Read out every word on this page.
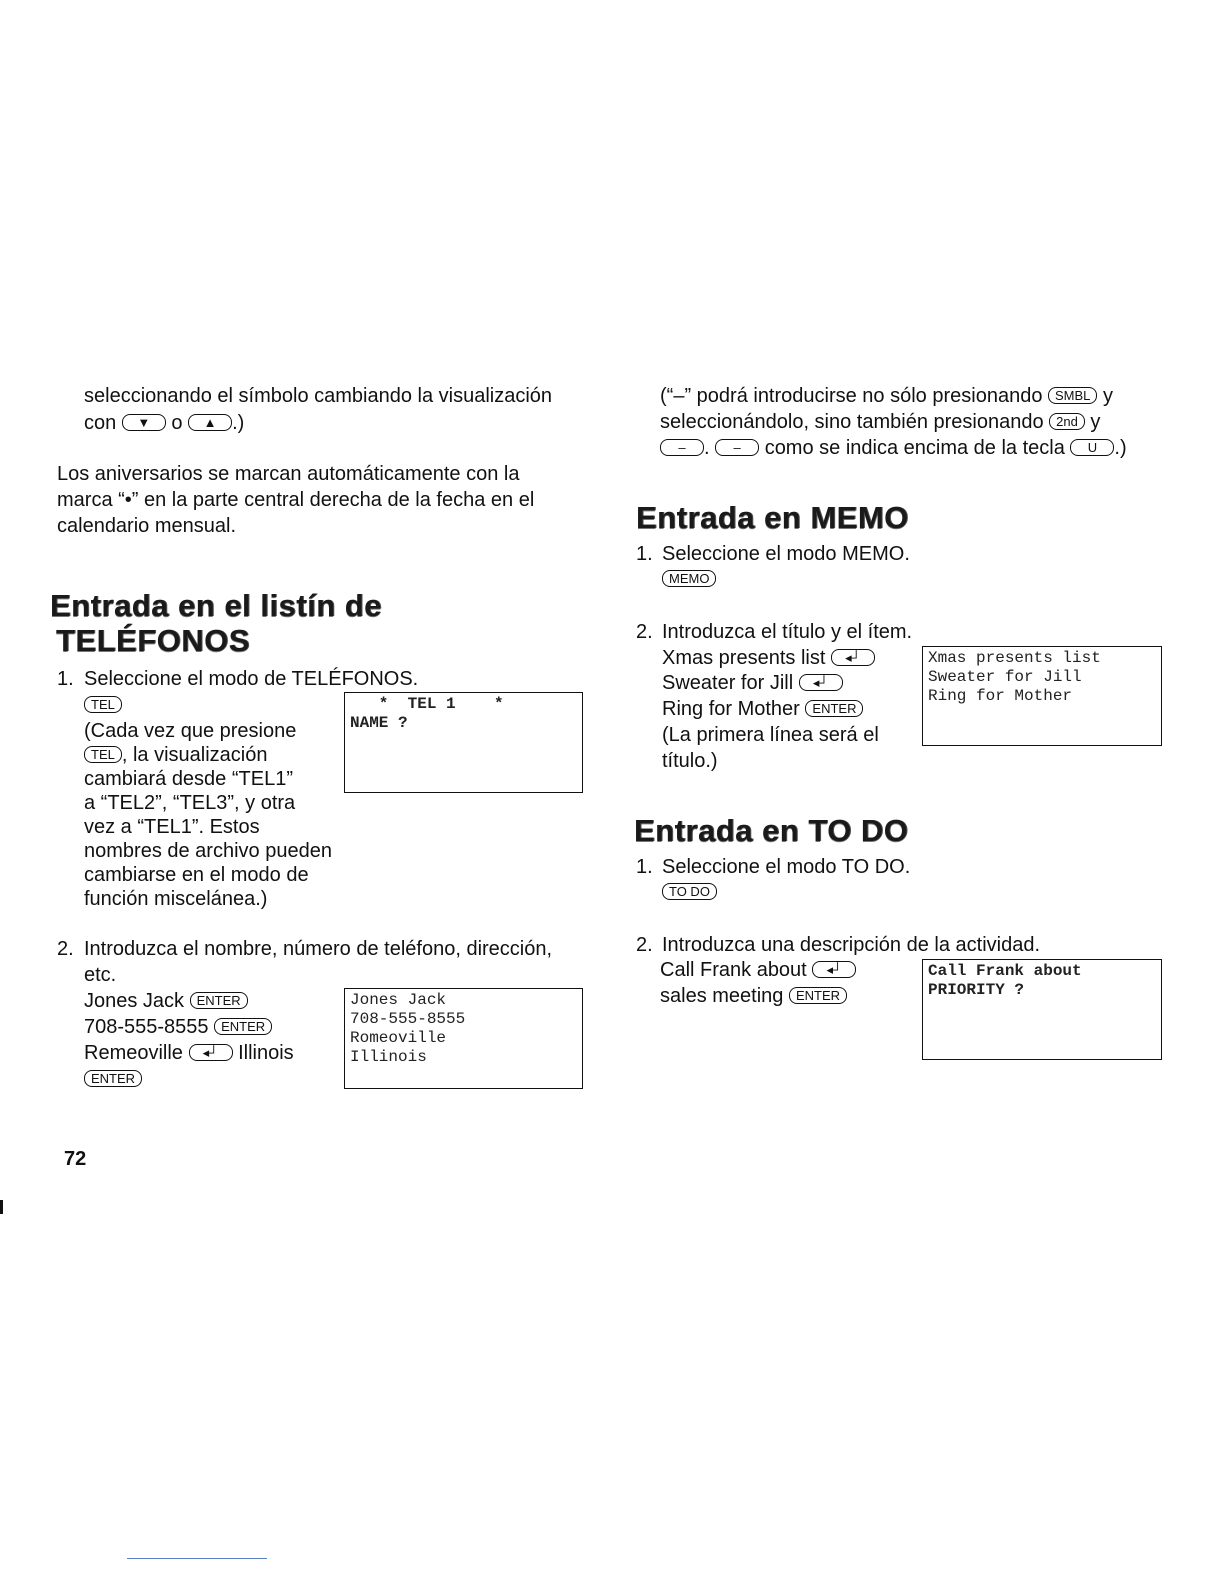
seleccionando el símbolo cambiando la visualización
con ▼ o ▲ .)
Los aniversarios se marcan automáticamente con la
marca “•” en la parte central derecha de la fecha en el
calendario mensual.
Entrada en el listín de
TELÉFONOS
1. Seleccione el modo de TELÉFONOS.
TEL
(Cada vez que presione
TEL , la visualización
cambiará desde “TEL1”
a “TEL2”, “TEL3”, y otra
vez a “TEL1”. Estos
nombres de archivo pueden
cambiarse en el modo de
función miscelánea.)
*  TEL 1    *
NAME ?
2. Introduzca el nombre, número de teléfono, dirección,
etc.
Jones Jack ENTER
708-555-8555 ENTER
Remeoville ◂┘ Illinois
ENTER
Jones Jack
708-555-8555
Romeoville
Illinois
72
(“–” podrá introducirse no sólo presionando SMBL y
seleccionándolo, sino también presionando 2nd y
– . – como se indica encima de la tecla U .)
Entrada en MEMO
1. Seleccione el modo MEMO.
MEMO
2. Introduzca el título y el ítem.
Xmas presents list ◂┘
Sweater for Jill ◂┘
Ring for Mother ENTER
(La primera línea será el
título.)
Xmas presents list
Sweater for Jill
Ring for Mother
Entrada en TO DO
1. Seleccione el modo TO DO.
TO DO
2. Introduzca una descripción de la actividad.
Call Frank about ◂┘
sales meeting ENTER
Call Frank about
PRIORITY ?
